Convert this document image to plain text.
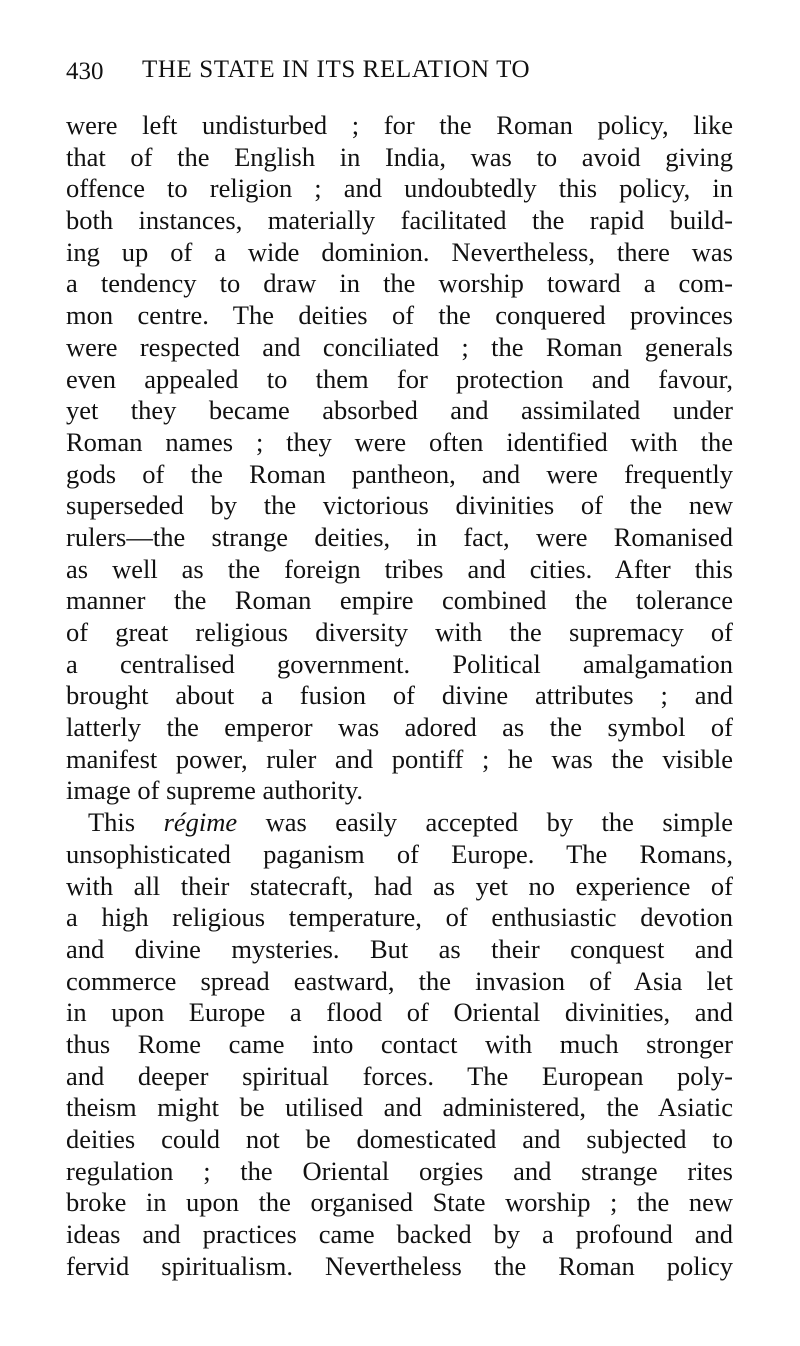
430 THE STATE IN ITS RELATION TO
were left undisturbed ; for the Roman policy, like
that of the English in India, was to avoid giving
offence to religion ; and undoubtedly this policy, in
both instances, materially facilitated the rapid build-
ing up of a wide dominion. Nevertheless, there was
a tendency to draw in the worship toward a com-
mon centre. The deities of the conquered provinces
were respected and conciliated ; the Roman generals
even appealed to them for protection and favour,
yet they became absorbed and assimilated under
Roman names ; they were often identified with the
gods of the Roman pantheon, and were frequently
superseded by the victorious divinities of the new
rulers—the strange deities, in fact, were Romanised
as well as the foreign tribes and cities. After this
manner the Roman empire combined the tolerance
of great religious diversity with the supremacy of
a centralised government. Political amalgamation
brought about a fusion of divine attributes ; and
latterly the emperor was adored as the symbol of
manifest power, ruler and pontiff ; he was the visible
image of supreme authority.
This régime was easily accepted by the simple
unsophisticated paganism of Europe. The Romans,
with all their statecraft, had as yet no experience of
a high religious temperature, of enthusiastic devotion
and divine mysteries. But as their conquest and
commerce spread eastward, the invasion of Asia let
in upon Europe a flood of Oriental divinities, and
thus Rome came into contact with much stronger
and deeper spiritual forces. The European poly-
theism might be utilised and administered, the Asiatic
deities could not be domesticated and subjected to
regulation ; the Oriental orgies and strange rites
broke in upon the organised State worship ; the new
ideas and practices came backed by a profound and
fervid spiritualism. Nevertheless the Roman policy
